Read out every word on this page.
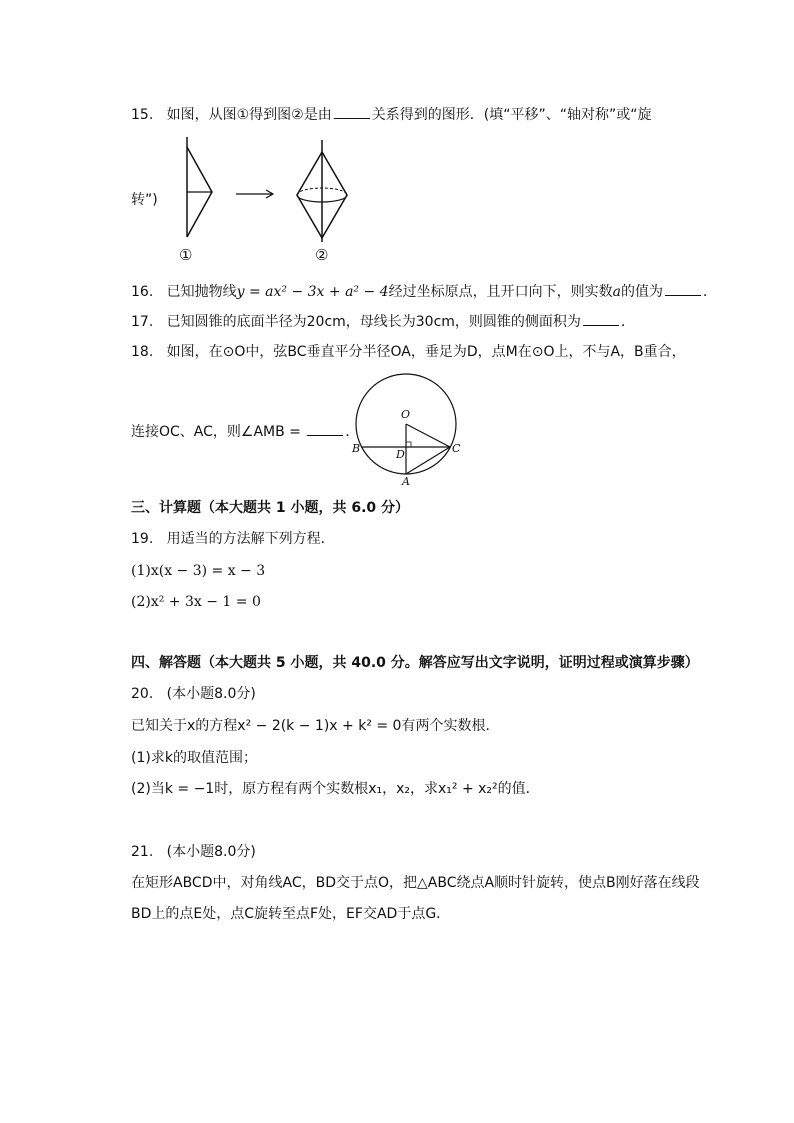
15. 如图，从图①得到图②是由	关系得到的图形．(填“平移”、“轴对称”或“旋
转”)
①	②
16. 已知抛物线y = ax² − 3x + a² − 4经过坐标原点，且开口向下，则实数a的值为	．
17. 已知圆锥的底面半径为20cm，母线长为30cm，则圆锥的侧面积为	．
18. 如图，在⊙O中，弦BC垂直平分半径OA，垂足为D，点M在⊙O上，不与A，B重合，
连接OC、AC，则∠AMB =	．
O
B	C
D
A
三、计算题（本大题共 1 小题，共 6.0 分）
19. 用适当的方法解下列方程．
(1)x(x − 3) = x − 3
(2)x² + 3x − 1 = 0
四、解答题（本大题共 5 小题，共 40.0 分。解答应写出文字说明，证明过程或演算步骤）
20. (本小题8.0分)
已知关于x的方程x² − 2(k − 1)x + k² = 0有两个实数根．
(1)求k的取值范围；
(2)当k = −1时，原方程有两个实数根x₁，x₂，求x₁² + x₂²的值．
21. (本小题8.0分)
在矩形ABCD中，对角线AC，BD交于点O，把△ABC绕点A顺时针旋转，使点B刚好落在线段
BD上的点E处，点C旋转至点F处，EF交AD于点G．
